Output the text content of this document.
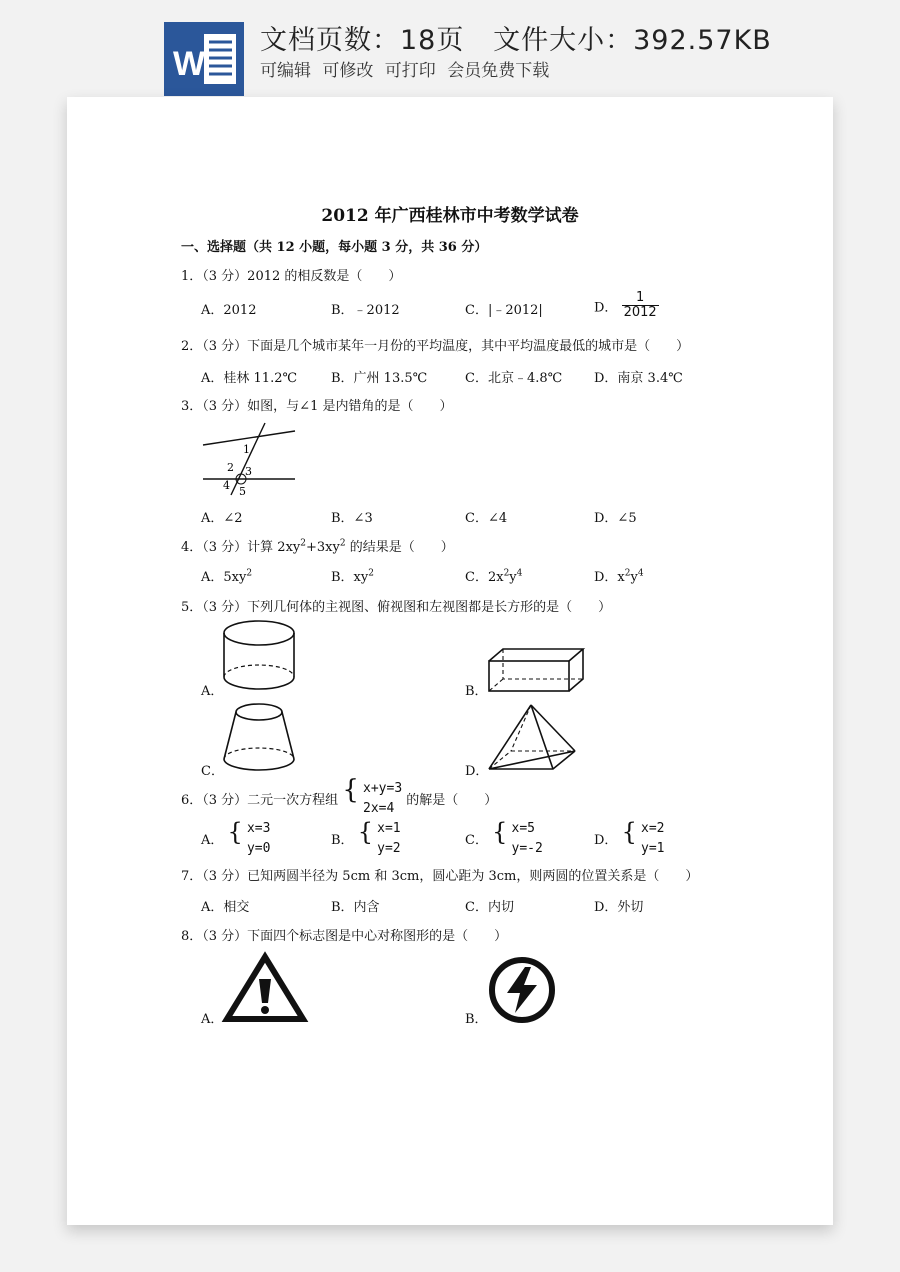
W
文档页数：18页   文件大小：392.57KB
可编辑 可修改 可打印 会员免费下载
2012 年广西桂林市中考数学试卷
一、选择题（共 12 小题，每小题 3 分，共 36 分）
1．（3 分）2012 的相反数是（　　）
A．2012	B．﹣2012	C．|﹣2012|	D． $\frac{1}{2012}$
2．（3 分）下面是几个城市某年一月份的平均温度，其中平均温度最低的城市是（　　）
A．桂林 11.2℃	B．广州 13.5℃	C．北京﹣4.8℃ D．南京 3.4℃
3．（3 分）如图，与∠1 是内错角的是（　　）
1
2 3
4 5
A．∠2	B．∠3	C．∠4	D．∠5
4．（3 分）计算 $2xy^2+3xy^2$ 的结果是（　　）
A．$5xy^2$	B．$xy^2$	C．$2x^2y^4$	D．$x^2y^4$
5．（3 分）下列几何体的主视图、俯视图和左视图都是长方形的是（　　）
A．	B．
C．	D．
6．（3 分）二元一次方程组 { x+y=3
2x=4
的解是（　　）
A． { x=3
y=0
B． { x=1
y=2
C． { x=5
y=-2
D． { x=2
y=1
7．（3 分）已知两圆半径为 5cm 和 3cm，圆心距为 3cm，则两圆的位置关系是（　　）
A．相交	B．内含	C．内切	D．外切
8．（3 分）下面四个标志图是中心对称图形的是（　　）
A．	B．
